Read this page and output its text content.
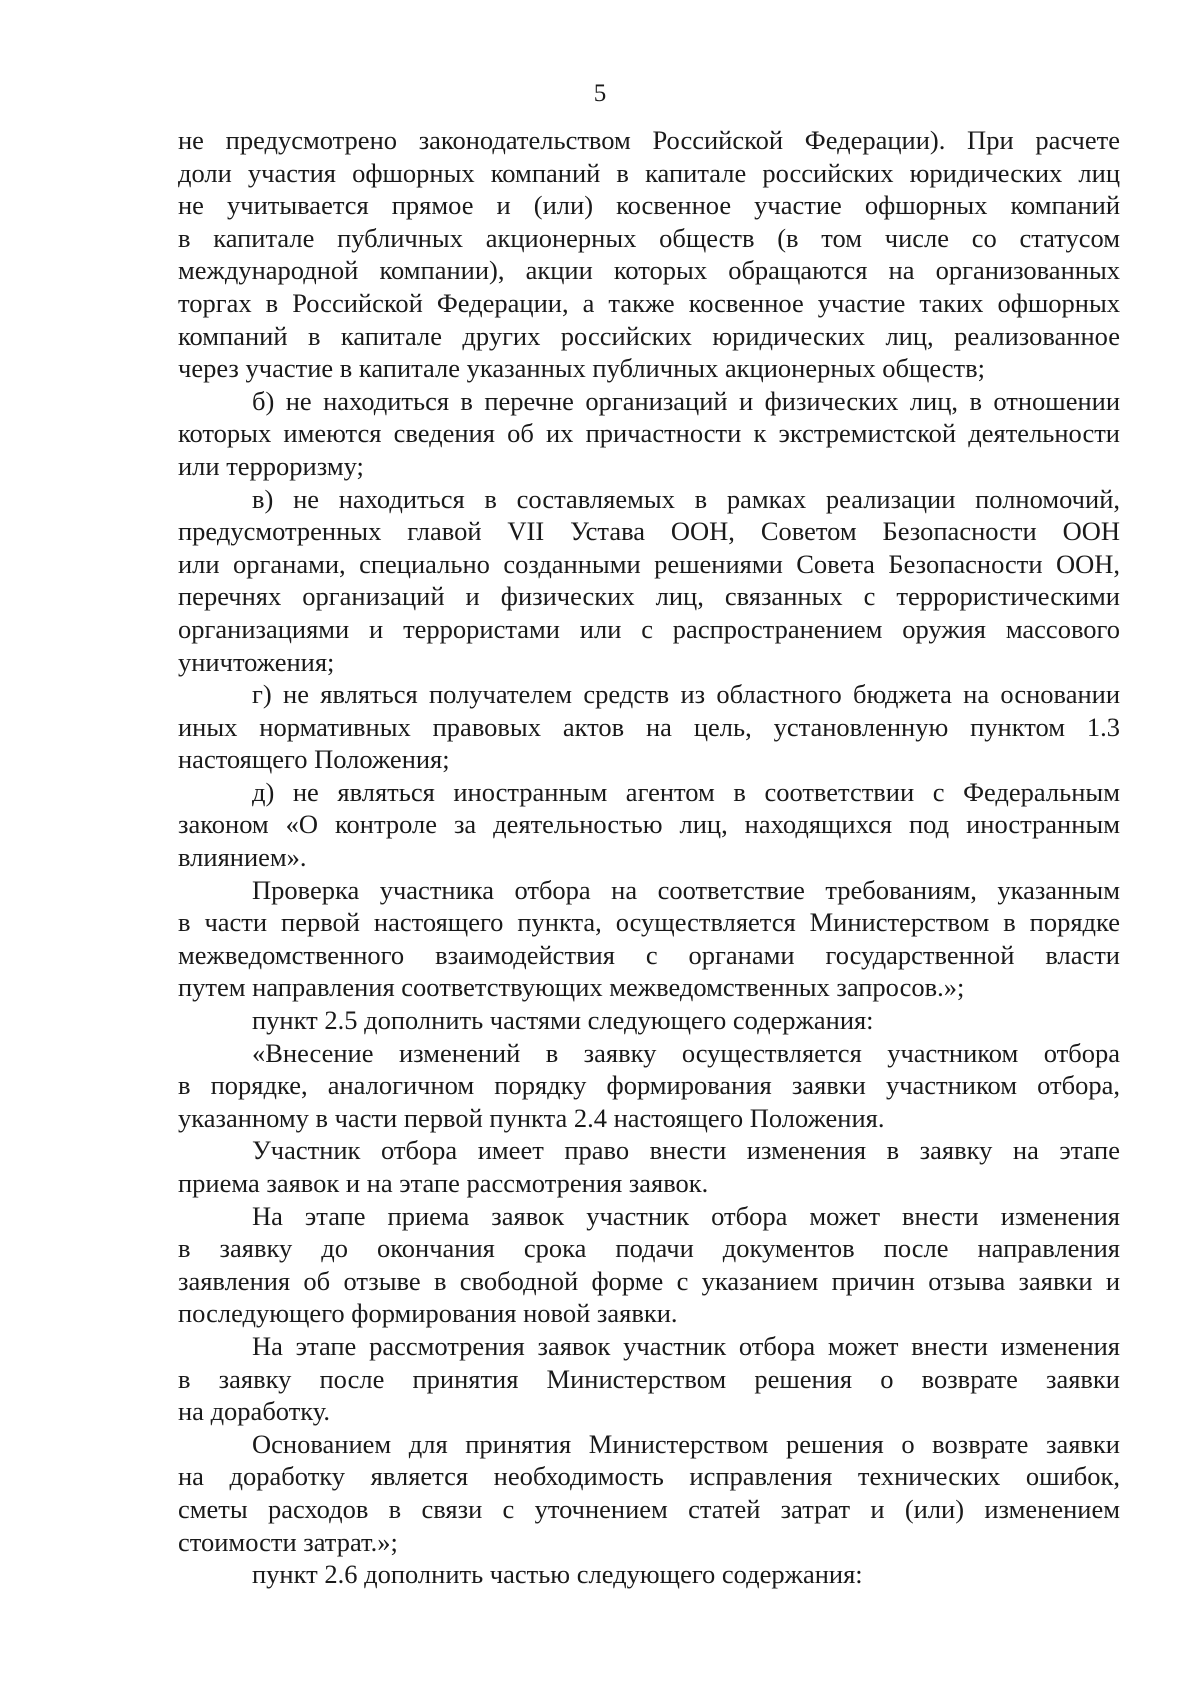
5
не предусмотрено законодательством Российской Федерации). При расчете
доли участия офшорных компаний в капитале российских юридических лиц
не учитывается прямое и (или) косвенное участие офшорных компаний
в капитале публичных акционерных обществ (в том числе со статусом
международной компании), акции которых обращаются на организованных
торгах в Российской Федерации, а также косвенное участие таких офшорных
компаний в капитале других российских юридических лиц, реализованное
через участие в капитале указанных публичных акционерных обществ;
б) не находиться в перечне организаций и физических лиц, в отношении
которых имеются сведения об их причастности к экстремистской деятельности
или терроризму;
в) не находиться в составляемых в рамках реализации полномочий,
предусмотренных главой VII Устава ООН, Советом Безопасности ООН
или органами, специально созданными решениями Совета Безопасности ООН,
перечнях организаций и физических лиц, связанных с террористическими
организациями и террористами или с распространением оружия массового
уничтожения;
г) не являться получателем средств из областного бюджета на основании
иных нормативных правовых актов на цель, установленную пунктом 1.3
настоящего Положения;
д) не являться иностранным агентом в соответствии с Федеральным
законом «О контроле за деятельностью лиц, находящихся под иностранным
влиянием».
Проверка участника отбора на соответствие требованиям, указанным
в части первой настоящего пункта, осуществляется Министерством в порядке
межведомственного взаимодействия с органами государственной власти
путем направления соответствующих межведомственных запросов.»;
пункт 2.5 дополнить частями следующего содержания:
«Внесение изменений в заявку осуществляется участником отбора
в порядке, аналогичном порядку формирования заявки участником отбора,
указанному в части первой пункта 2.4 настоящего Положения.
Участник отбора имеет право внести изменения в заявку на этапе
приема заявок и на этапе рассмотрения заявок.
На этапе приема заявок участник отбора может внести изменения
в заявку до окончания срока подачи документов после направления
заявления об отзыве в свободной форме с указанием причин отзыва заявки и
последующего формирования новой заявки.
На этапе рассмотрения заявок участник отбора может внести изменения
в заявку после принятия Министерством решения о возврате заявки
на доработку.
Основанием для принятия Министерством решения о возврате заявки
на доработку является необходимость исправления технических ошибок,
сметы расходов в связи с уточнением статей затрат и (или) изменением
стоимости затрат.»;
пункт 2.6 дополнить частью следующего содержания:
